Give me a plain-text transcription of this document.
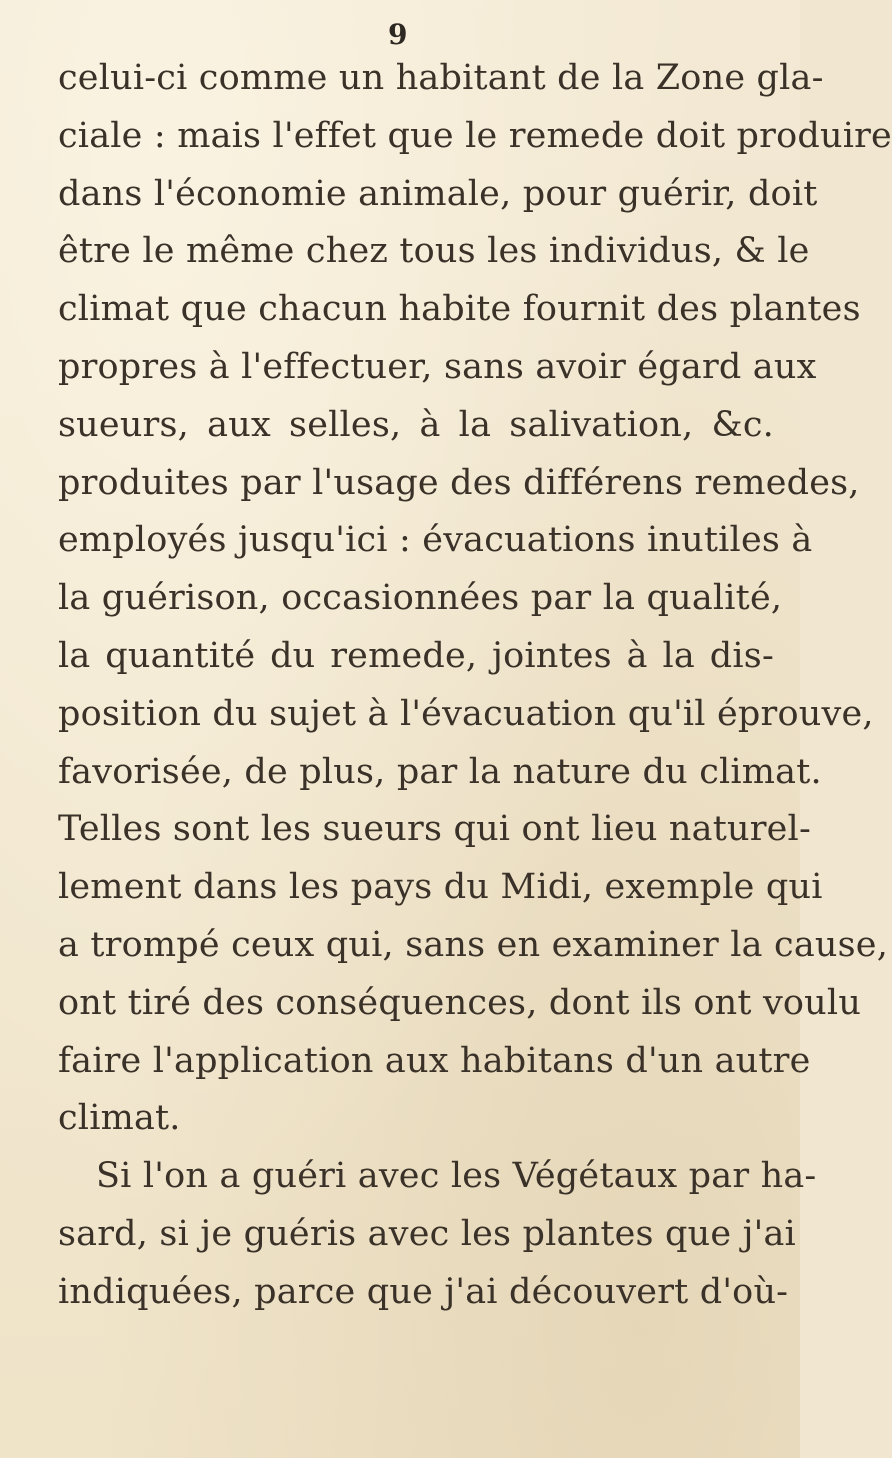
9
celui-ci comme un habitant de la Zone gla-
ciale : mais l'effet que le remede doit produire
dans l'économie animale, pour guérir, doit
être le même chez tous les individus, & le
climat que chacun habite fournit des plantes
propres à l'effectuer, sans avoir égard aux
sueurs, aux selles, à la salivation, &c.
produites par l'usage des différens remedes,
employés jusqu'ici : évacuations inutiles à
la guérison, occasionnées par la qualité,
la quantité du remede, jointes à la dis-
position du sujet à l'évacuation qu'il éprouve,
favorisée, de plus, par la nature du climat.
Telles sont les sueurs qui ont lieu naturel-
lement dans les pays du Midi, exemple qui
a trompé ceux qui, sans en examiner la cause,
ont tiré des conséquences, dont ils ont voulu
faire l'application aux habitans d'un autre
climat.
Si l'on a guéri avec les Végétaux par ha-
sard, si je guéris avec les plantes que j'ai
indiquées, parce que j'ai découvert d'où-
